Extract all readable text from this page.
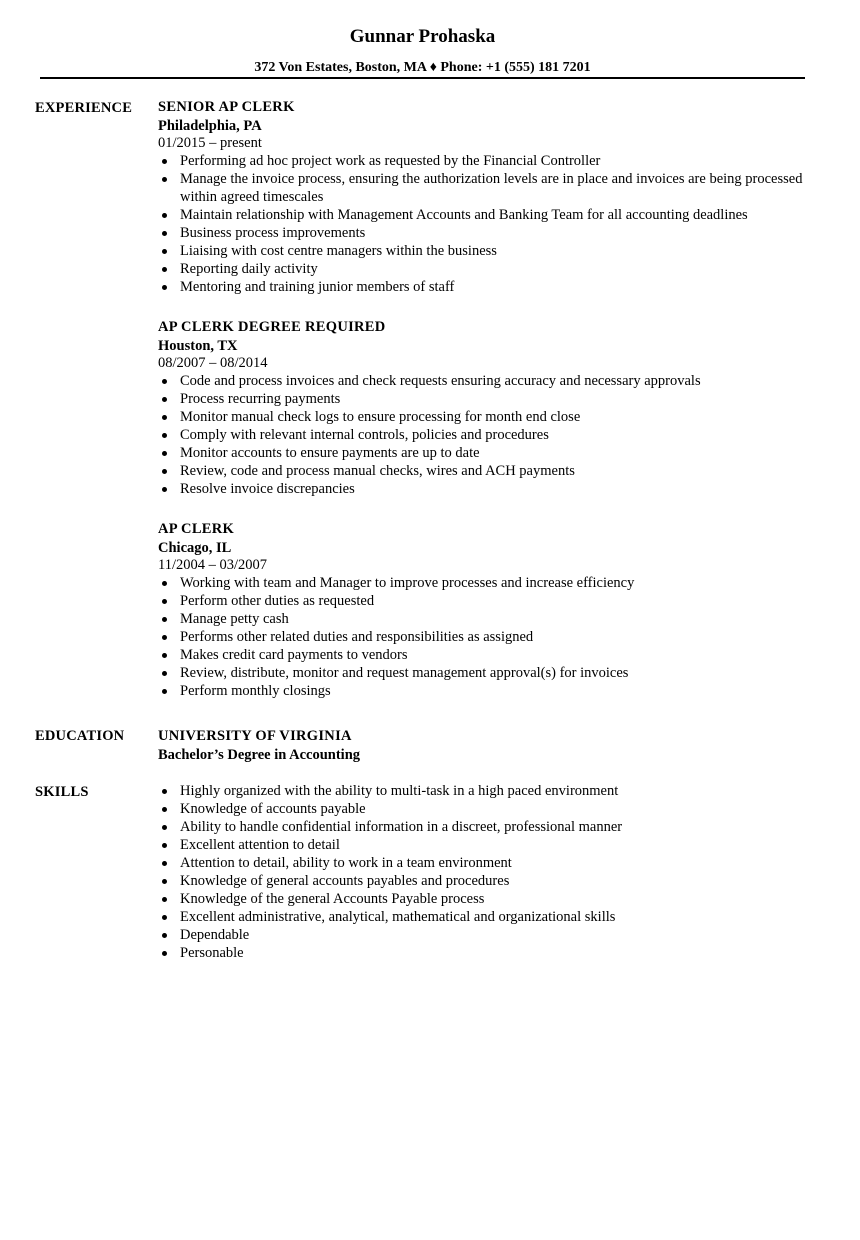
Gunnar Prohaska
372 Von Estates, Boston, MA ♦ Phone: +1 (555) 181 7201
EXPERIENCE
EDUCATION
SKILLS
SENIOR AP CLERK
Philadelphia, PA
01/2015 – present
Performing ad hoc project work as requested by the Financial Controller
Manage the invoice process, ensuring the authorization levels are in place and invoices are being processed within agreed timescales
Maintain relationship with Management Accounts and Banking Team for all accounting deadlines
Business process improvements
Liaising with cost centre managers within the business
Reporting daily activity
Mentoring and training junior members of staff
AP CLERK DEGREE REQUIRED
Houston, TX
08/2007 – 08/2014
Code and process invoices and check requests ensuring accuracy and necessary approvals
Process recurring payments
Monitor manual check logs to ensure processing for month end close
Comply with relevant internal controls, policies and procedures
Monitor accounts to ensure payments are up to date
Review, code and process manual checks, wires and ACH payments
Resolve invoice discrepancies
AP CLERK
Chicago, IL
11/2004 – 03/2007
Working with team and Manager to improve processes and increase efficiency
Perform other duties as requested
Manage petty cash
Performs other related duties and responsibilities as assigned
Makes credit card payments to vendors
Review, distribute, monitor and request management approval(s) for invoices
Perform monthly closings
UNIVERSITY OF VIRGINIA
Bachelor’s Degree in Accounting
Highly organized with the ability to multi-task in a high paced environment
Knowledge of accounts payable
Ability to handle confidential information in a discreet, professional manner
Excellent attention to detail
Attention to detail, ability to work in a team environment
Knowledge of general accounts payables and procedures
Knowledge of the general Accounts Payable process
Excellent administrative, analytical, mathematical and organizational skills
Dependable
Personable
